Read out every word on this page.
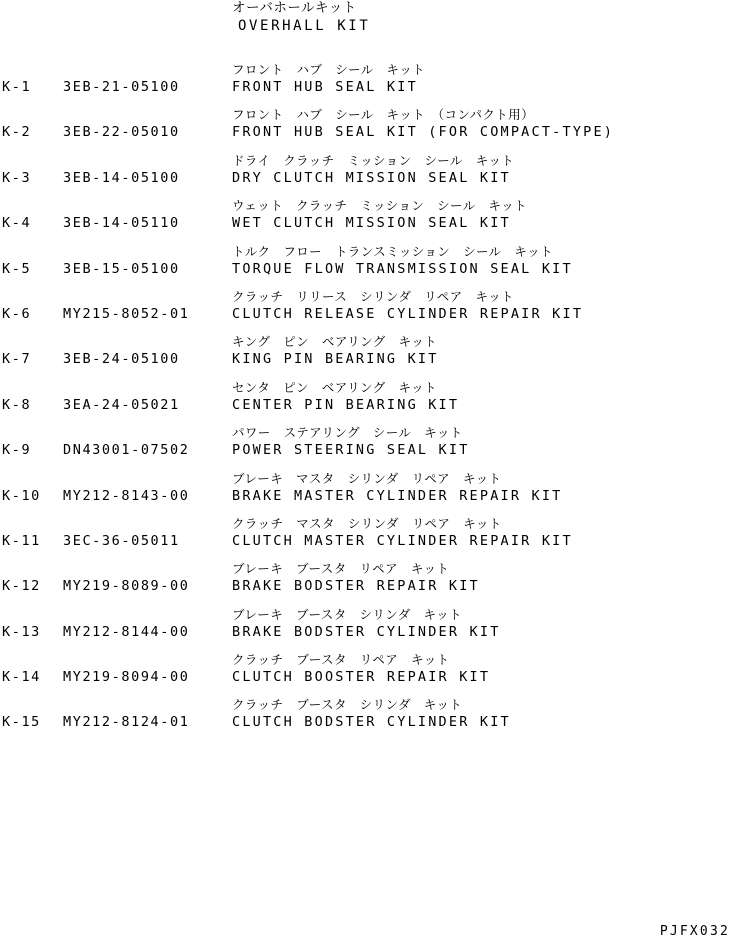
オーバホールキット
OVERHALL KIT
フロント　ハブ　シール　キット
K-1	3EB-21-05100	FRONT HUB SEAL KIT
フロント　ハブ　シール　キット　（コンパクト用）
K-2	3EB-22-05010	FRONT HUB SEAL KIT (FOR COMPACT-TYPE)
ドライ　クラッチ　ミッション　シール　キット
K-3	3EB-14-05100	DRY CLUTCH MISSION SEAL KIT
ウェット　クラッチ　ミッション　シール　キット
K-4	3EB-14-05110	WET CLUTCH MISSION SEAL KIT
トルク　フロー　トランスミッション　シール　キット
K-5	3EB-15-05100	TORQUE FLOW TRANSMISSION SEAL KIT
クラッチ　リリース　シリンダ　リペア　キット
K-6	MY215-8052-01	CLUTCH RELEASE CYLINDER REPAIR KIT
キング　ピン　ベアリング　キット
K-7	3EB-24-05100	KING PIN BEARING KIT
センタ　ピン　ベアリング　キット
K-8	3EA-24-05021	CENTER PIN BEARING KIT
パワー　ステアリング　シール　キット
K-9	DN43001-07502	POWER STEERING SEAL KIT
ブレーキ　マスタ　シリンダ　リペア　キット
K-10	MY212-8143-00	BRAKE MASTER CYLINDER REPAIR KIT
クラッチ　マスタ　シリンダ　リペア　キット
K-11	3EC-36-05011	CLUTCH MASTER CYLINDER REPAIR KIT
ブレーキ　ブースタ　リペア　キット
K-12	MY219-8089-00	BRAKE BODSTER REPAIR KIT
ブレーキ　ブースタ　シリンダ　キット
K-13	MY212-8144-00	BRAKE BODSTER CYLINDER KIT
クラッチ　ブースタ　リペア　キット
K-14	MY219-8094-00	CLUTCH BOOSTER REPAIR KIT
クラッチ　ブースタ　シリンダ　キット
K-15	MY212-8124-01	CLUTCH BODSTER CYLINDER KIT
PJFX032
